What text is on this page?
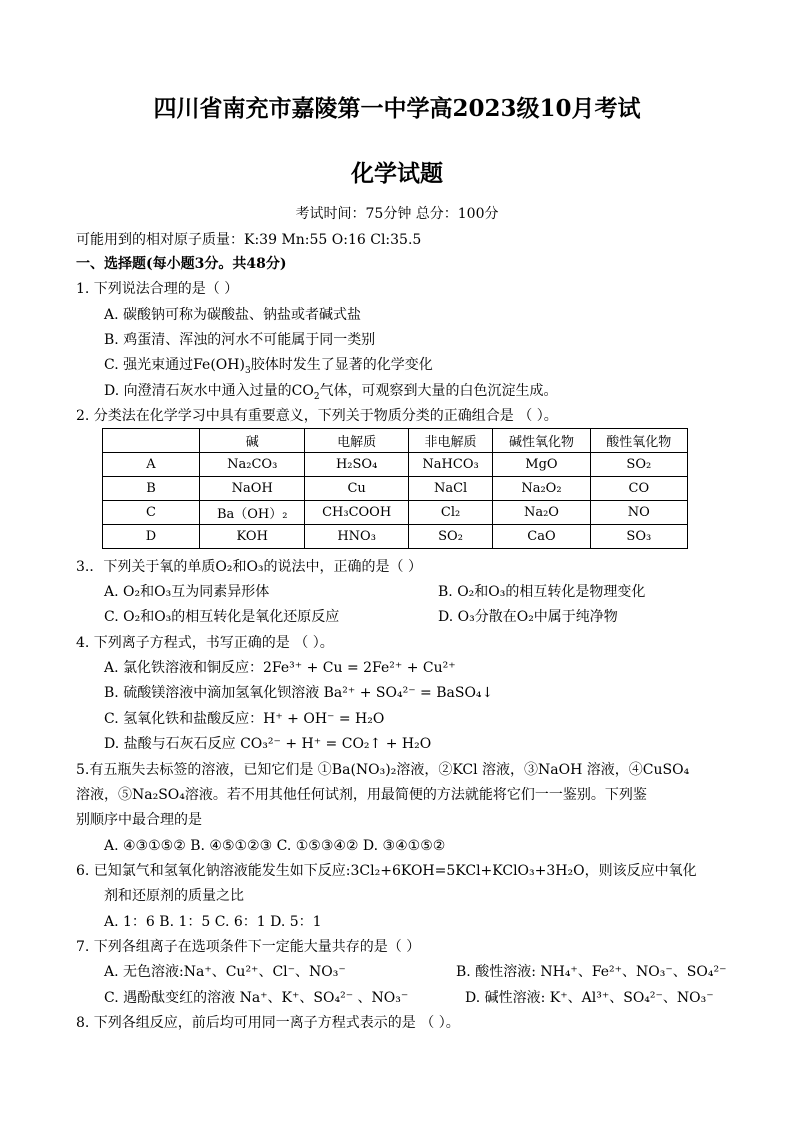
四川省南充市嘉陵第一中学高2023级10月考试
化学试题
考试时间：75分钟 总分：100分
可能用到的相对原子质量：K:39 Mn:55 O:16 Cl:35.5
一、选择题(每小题3分。共48分)
1. 下列说法合理的是（ ）
A. 碳酸钠可称为碳酸盐、钠盐或者碱式盐
B. 鸡蛋清、浑浊的河水不可能属于同一类别
C. 强光束通过$Fe(OH)_3$胶体时发生了显著的化学变化
D. 向澄清石灰水中通入过量的$CO_2$气体，可观察到大量的白色沉淀生成。
2. 分类法在化学学习中具有重要意义，下列关于物质分类的正确组合是 （ ）。
	碱	电解质	非电解质	碱性氧化物	酸性氧化物
A	Na₂CO₃	H₂SO₄	NaHCO₃	MgO	SO₂
B	NaOH	Cu	NaCl	Na₂O₂	CO
C	Ba（OH）₂	CH₃COOH	Cl₂	Na₂O	NO
D	KOH	HNO₃	SO₂	CaO	SO₃
3.．下列关于氧的单质O₂和O₃的说法中，正确的是（ ）
A. O₂和O₃互为同素异形体	B. O₂和O₃的相互转化是物理变化
C. O₂和O₃的相互转化是氧化还原反应	D. O₃分散在O₂中属于纯净物
4. 下列离子方程式，书写正确的是 （ ）。
A. 氯化铁溶液和铜反应：2Fe³⁺ + Cu = 2Fe²⁺ + Cu²⁺
B. 硫酸镁溶液中滴加氢氧化钡溶液 Ba²⁺ + SO₄²⁻ = BaSO₄↓
C. 氢氧化铁和盐酸反应：H⁺ + OH⁻ = H₂O
D. 盐酸与石灰石反应 CO₃²⁻ + H⁺ = CO₂↑ + H₂O
5.有五瓶失去标签的溶液，已知它们是 ①Ba(NO₃)₂溶液，②KCl 溶液，③NaOH 溶液，④CuSO₄
溶液，⑤Na₂SO₄溶液。若不用其他任何试剂，用最简便的方法就能将它们一一鉴别。下列鉴
别顺序中最合理的是
A. ④③①⑤② B. ④⑤①②③ C. ①⑤③④② D. ③④①⑤②
6. 已知氯气和氢氧化钠溶液能发生如下反应:3Cl₂+6KOH=5KCl+KClO₃+3H₂O，则该反应中氧化
剂和还原剂的质量之比
A. 1：6 B. 1：5 C. 6：1 D. 5：1
7. 下列各组离子在选项条件下一定能大量共存的是（ ）
A. 无色溶液:Na⁺、Cu²⁺、Cl⁻、NO₃⁻	B. 酸性溶液: NH₄⁺、Fe²⁺、NO₃⁻、SO₄²⁻
C. 遇酚酞变红的溶液 Na⁺、K⁺、SO₄²⁻ 、NO₃⁻	D. 碱性溶液: K⁺、Al³⁺、SO₄²⁻、NO₃⁻
8. 下列各组反应，前后均可用同一离子方程式表示的是 （ ）。
